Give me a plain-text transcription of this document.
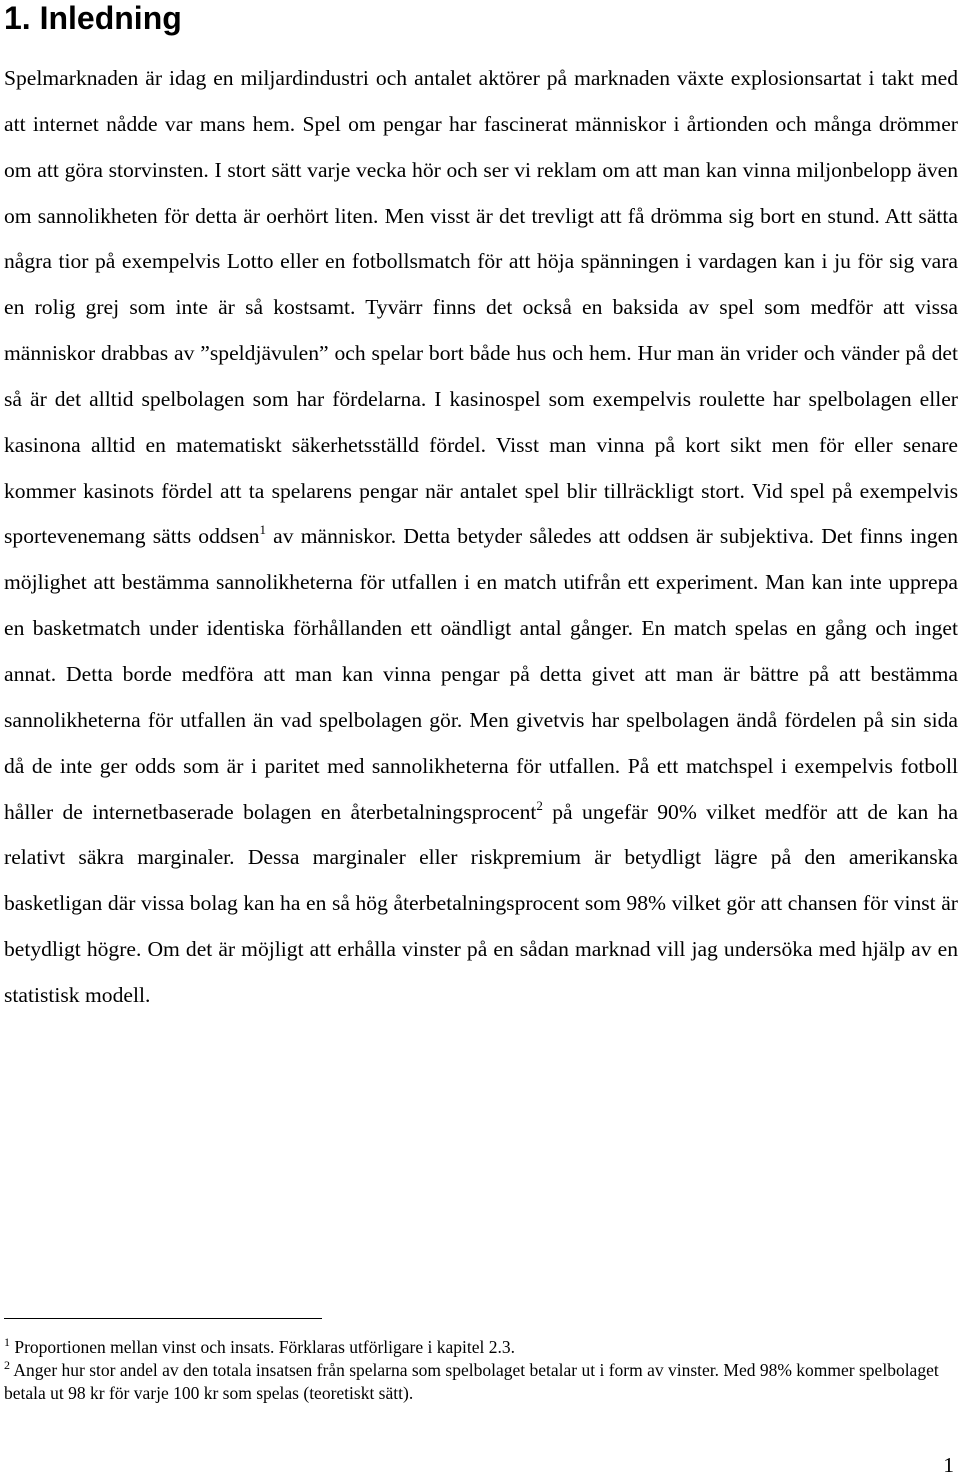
1. Inledning

Spelmarknaden är idag en miljardindustri och antalet aktörer på marknaden växte explosionsartat i takt med att internet nådde var mans hem. Spel om pengar har fascinerat människor i årtionden och många drömmer om att göra storvinsten. I stort sätt varje vecka hör och ser vi reklam om att man kan vinna miljonbelopp även om sannolikheten för detta är oerhört liten. Men visst är det trevligt att få drömma sig bort en stund. Att sätta några tior på exempelvis Lotto eller en fotbollsmatch för att höja spänningen i vardagen kan i ju för sig vara en rolig grej som inte är så kostsamt. Tyvärr finns det också en baksida av spel som medför att vissa människor drabbas av ”speldjävulen” och spelar bort både hus och hem. Hur man än vrider och vänder på det så är det alltid spelbolagen som har fördelarna. I kasinospel som exempelvis roulette har spelbolagen eller kasinona alltid en matematiskt säkerhetsställd fördel. Visst man vinna på kort sikt men för eller senare kommer kasinots fördel att ta spelarens pengar när antalet spel blir tillräckligt stort. Vid spel på exempelvis sportevenemang sätts oddsen$^1$ av människor. Detta betyder således att oddsen är subjektiva. Det finns ingen möjlighet att bestämma sannolikheterna för utfallen i en match utifrån ett experiment. Man kan inte upprepa en basketmatch under identiska förhållanden ett oändligt antal gånger. En match spelas en gång och inget annat. Detta borde medföra att man kan vinna pengar på detta givet att man är bättre på att bestämma sannolikheterna för utfallen än vad spelbolagen gör. Men givetvis har spelbolagen ändå fördelen på sin sida då de inte ger odds som är i paritet med sannolikheterna för utfallen. På ett matchspel i exempelvis fotboll håller de internetbaserade bolagen en återbetalningsprocent$^2$ på ungefär 90% vilket medför att de kan ha relativt säkra marginaler. Dessa marginaler eller riskpremium är betydligt lägre på den amerikanska basketligan där vissa bolag kan ha en så hög återbetalningsprocent som 98% vilket gör att chansen för vinst är betydligt högre. Om det är möjligt att erhålla vinster på en sådan marknad vill jag undersöka med hjälp av en statistisk modell.

$^1$ Proportionen mellan vinst och insats. Förklaras utförligare i kapitel 2.3.

$^2$ Anger hur stor andel av den totala insatsen från spelarna som spelbolaget betalar ut i form av vinster. Med 98% kommer spelbolaget betala ut 98 kr för varje 100 kr som spelas (teoretiskt sätt).

1
